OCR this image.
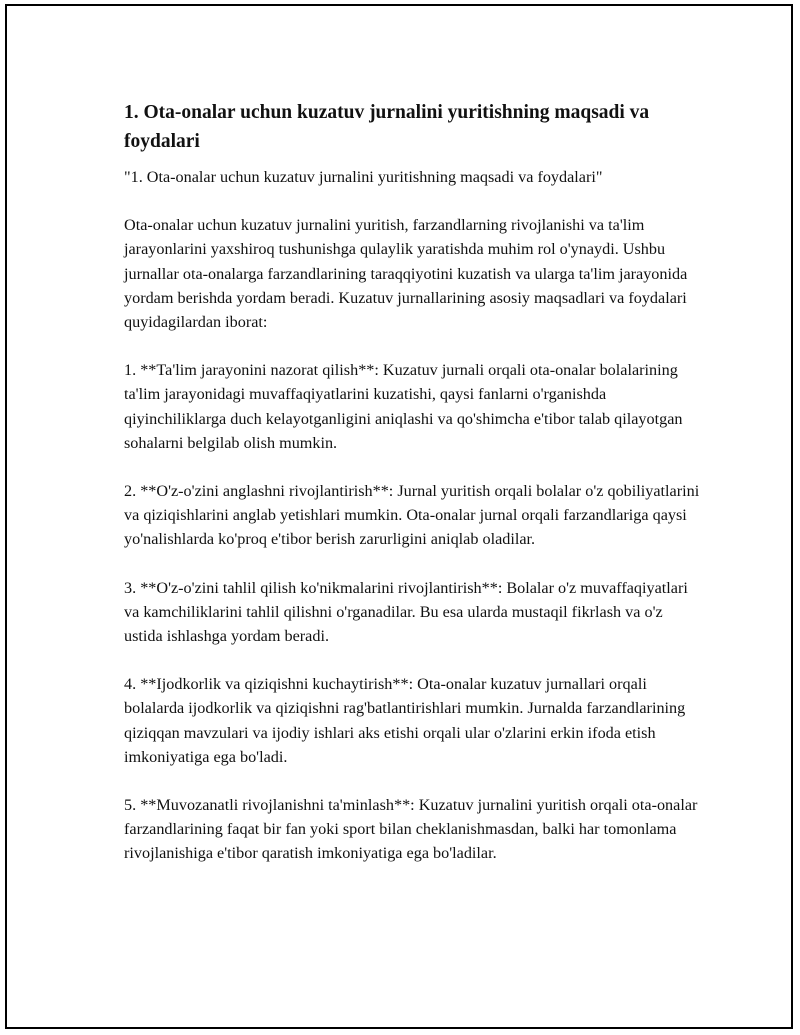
1. Ota-onalar uchun kuzatuv jurnalini yuritishning maqsadi va foydalari

"1. Ota-onalar uchun kuzatuv jurnalini yuritishning maqsadi va foydalari"

Ota-onalar uchun kuzatuv jurnalini yuritish, farzandlarning rivojlanishi va ta'lim jarayonlarini yaxshiroq tushunishga qulaylik yaratishda muhim rol o'ynaydi. Ushbu jurnallar ota-onalarga farzandlarining taraqqiyotini kuzatish va ularga ta'lim jarayonida yordam berishda yordam beradi. Kuzatuv jurnallarining asosiy maqsadlari va foydalari quyidagilardan iborat:

1. **Ta'lim jarayonini nazorat qilish**: Kuzatuv jurnali orqali ota-onalar bolalarining ta'lim jarayonidagi muvaffaqiyatlarini kuzatishi, qaysi fanlarni o'rganishda qiyinchiliklarga duch kelayotganligini aniqlashi va qo'shimcha e'tibor talab qilayotgan sohalarni belgilab olish mumkin.

2. **O'z-o'zini anglashni rivojlantirish**: Jurnal yuritish orqali bolalar o'z qobiliyatlarini va qiziqishlarini anglab yetishlari mumkin. Ota-onalar jurnal orqali farzandlariga qaysi yo'nalishlarda ko'proq e'tibor berish zarurligini aniqlab oladilar.

3. **O'z-o'zini tahlil qilish ko'nikmalarini rivojlantirish**: Bolalar o'z muvaffaqiyatlari va kamchiliklarini tahlil qilishni o'rganadilar. Bu esa ularda mustaqil fikrlash va o'z ustida ishlashga yordam beradi.

4. **Ijodkorlik va qiziqishni kuchaytirish**: Ota-onalar kuzatuv jurnallari orqali bolalarda ijodkorlik va qiziqishni rag'batlantirishlari mumkin. Jurnalda farzandlarining qiziqqan mavzulari va ijodiy ishlari aks etishi orqali ular o'zlarini erkin ifoda etish imkoniyatiga ega bo'ladi.

5. **Muvozanatli rivojlanishni ta'minlash**: Kuzatuv jurnalini yuritish orqali ota-onalar farzandlarining faqat bir fan yoki sport bilan cheklanishmasdan, balki har tomonlama rivojlanishiga e'tibor qaratish imkoniyatiga ega bo'ladilar.
